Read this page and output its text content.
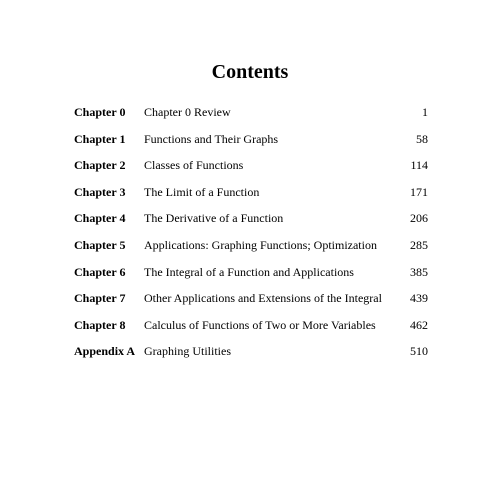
Contents
Chapter 0 Chapter 0 Review	1
Chapter 1 Functions and Their Graphs	58
Chapter 2 Classes of Functions	114
Chapter 3 The Limit of a Function	171
Chapter 4 The Derivative of a Function	206
Chapter 5 Applications: Graphing Functions; Optimization	285
Chapter 6 The Integral of a Function and Applications	385
Chapter 7 Other Applications and Extensions of the Integral 439
Chapter 8 Calculus of Functions of Two or More Variables	462
Appendix A Graphing Utilities	510
